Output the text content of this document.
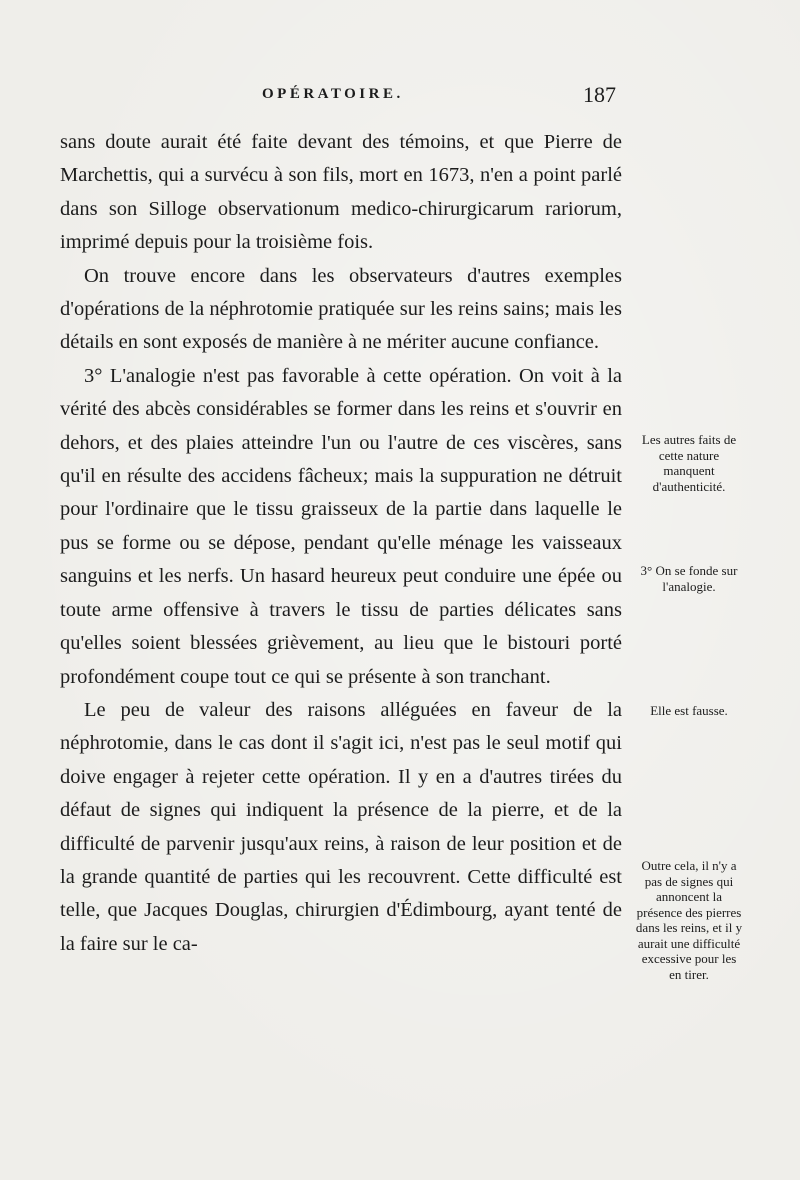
OPÉRATOIRE.	187

sans doute aurait été faite devant des témoins, et que Pierre de Marchettis, qui a survécu à son fils, mort en 1673, n'en a point parlé dans son Silloge observationum medico-chirurgicarum rariorum, imprimé depuis pour la troisième fois.

On trouve encore dans les observateurs d'autres exemples d'opérations de la néphrotomie pratiquée sur les reins sains; mais les détails en sont exposés de manière à ne mériter aucune confiance.

3° L'analogie n'est pas favorable à cette opération. On voit à la vérité des abcès considérables se former dans les reins et s'ouvrir en dehors, et des plaies atteindre l'un ou l'autre de ces viscères, sans qu'il en résulte des accidens fâcheux; mais la suppuration ne détruit pour l'ordinaire que le tissu graisseux de la partie dans laquelle le pus se forme ou se dépose, pendant qu'elle ménage les vaisseaux sanguins et les nerfs. Un hasard heureux peut conduire une épée ou toute arme offensive à travers le tissu de parties délicates sans qu'elles soient blessées grièvement, au lieu que le bistouri porté profondément coupe tout ce qui se présente à son tranchant.

Le peu de valeur des raisons alléguées en faveur de la néphrotomie, dans le cas dont il s'agit ici, n'est pas le seul motif qui doive engager à rejeter cette opération. Il y en a d'autres tirées du défaut de signes qui indiquent la présence de la pierre, et de la difficulté de parvenir jusqu'aux reins, à raison de leur position et de la grande quantité de parties qui les recouvrent. Cette difficulté est telle, que Jacques Douglas, chirurgien d'Édimbourg, ayant tenté de la faire sur le ca-

Les autres faits de cette nature manquent d'authenticité.
3° On se fonde sur l'analogie.
Elle est fausse.
Outre cela, il n'y a pas de signes qui annoncent la présence des pierres dans les reins, et il y aurait une difficulté excessive pour les en tirer.
